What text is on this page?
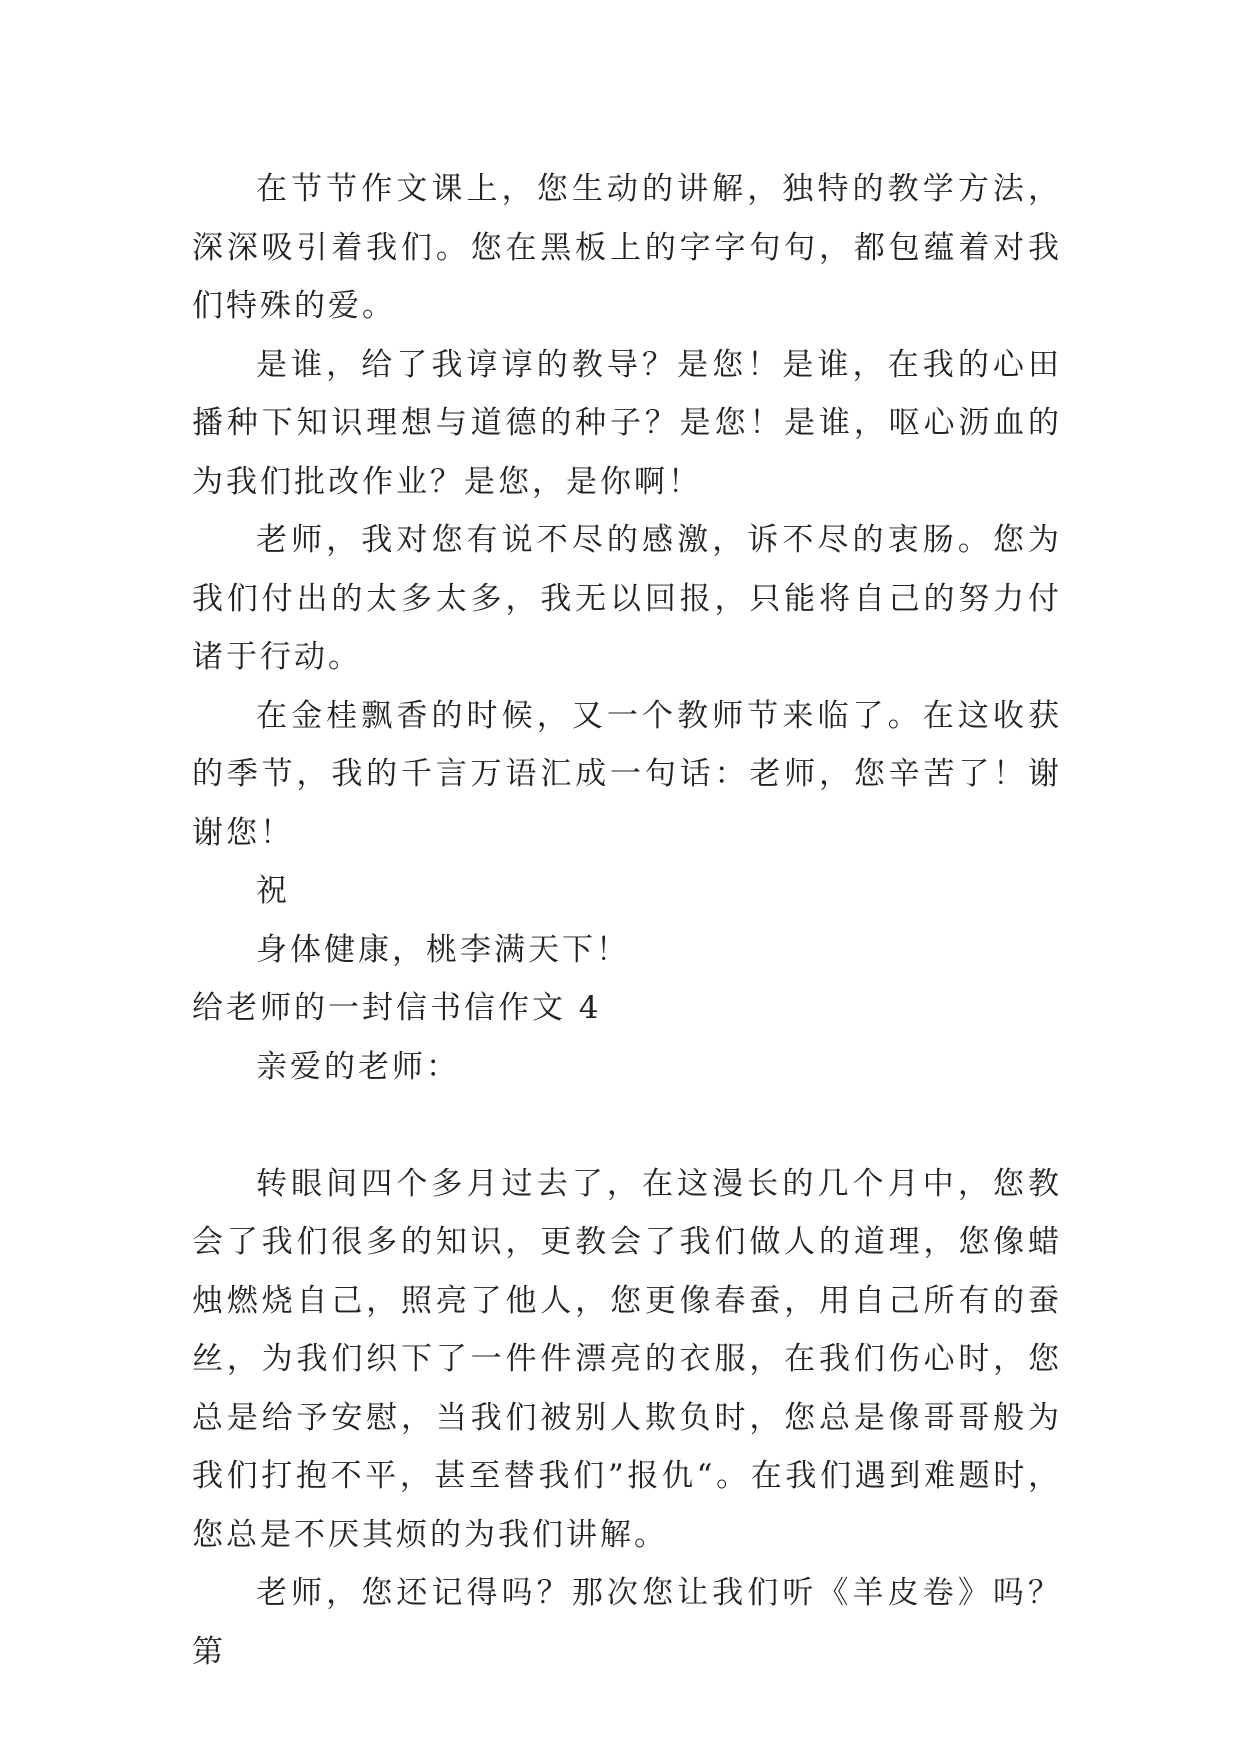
在节节作文课上，您生动的讲解，独特的教学方法，深深吸引着我们。您在黑板上的字字句句，都包蕴着对我们特殊的爱。

是谁，给了我谆谆的教导？是您！是谁，在我的心田播种下知识理想与道德的种子？是您！是谁，呕心沥血的为我们批改作业？是您，是你啊！

老师，我对您有说不尽的感激，诉不尽的衷肠。您为我们付出的太多太多，我无以回报，只能将自己的努力付诸于行动。

在金桂飘香的时候，又一个教师节来临了。在这收获的季节，我的千言万语汇成一句话：老师，您辛苦了！谢谢您！

祝

身体健康，桃李满天下！

给老师的一封信书信作文 4

亲爱的老师：

转眼间四个多月过去了，在这漫长的几个月中，您教会了我们很多的知识，更教会了我们做人的道理，您像蜡烛燃烧自己，照亮了他人，您更像春蚕，用自己所有的蚕丝，为我们织下了一件件漂亮的衣服，在我们伤心时，您总是给予安慰，当我们被别人欺负时，您总是像哥哥般为我们打抱不平，甚至替我们”报仇“。在我们遇到难题时，您总是不厌其烦的为我们讲解。

老师，您还记得吗？那次您让我们听《羊皮卷》吗？第
